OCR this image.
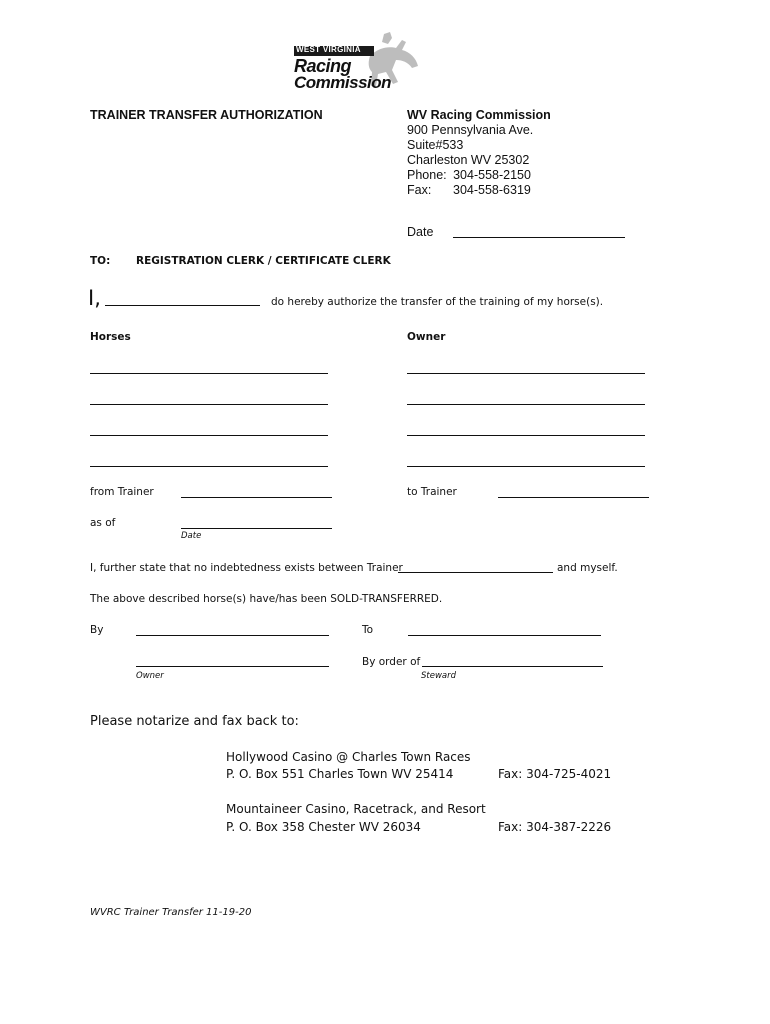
WEST VIRGINIA
Racing
Commission
TRAINER TRANSFER AUTHORIZATION	WV Racing Commission
900 Pennsylvania Ave.
Suite#533
Charleston WV 25302
Phone: 304-558-2150
Fax: 304-558-6319
Date
TO: REGISTRATION CLERK / CERTIFICATE CLERK
I,	do hereby authorize the transfer of the training of my horse(s).
Horses	Owner
from Trainer	to Trainer
as of
Date
I, further state that no indebtedness exists between Trainer	and myself.
The above described horse(s) have/has been SOLD-TRANSFERRED.
By	To
Owner
By order of
Steward
Please notarize and fax back to:
Hollywood Casino @ Charles Town Races
P. O. Box 551 Charles Town WV 25414	Fax: 304-725-4021
Mountaineer Casino, Racetrack, and Resort
P. O. Box 358 Chester WV 26034	Fax: 304-387-2226
WVRC Trainer Transfer 11-19-20
